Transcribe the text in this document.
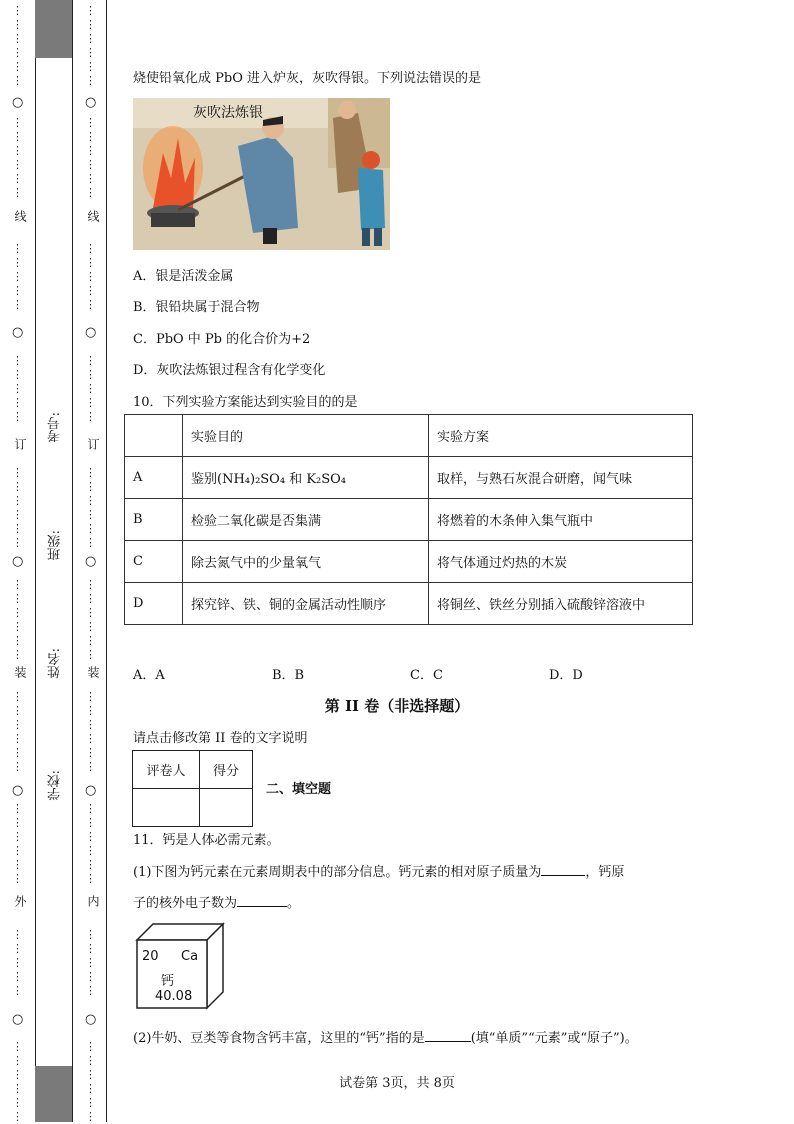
⋮
⋮
⋮
⋮
⋮
⋮
⋮
⋮
⋮
⋮
⋮
⋮
⋮
⋮
⋮
⋮
⋮
⋮
⋮
⋮
⋮
⋮
⋮
⋮
⋮
⋮
⋮
⋮
⋮
⋮
⋮
⋮
⋮
⋮
⋮
⋮
⋮
⋮
⋮
⋮
⋮
⋮
⋮
⋮
⋮
⋮
⋮
⋮
⋮
⋮
⋮
⋮
⋮
⋮
⋮
⋮
⋮
⋮
⋮
⋮
⋮
⋮
⋮
⋮
⋮
⋮
⋮
⋮
⋮
⋮
⋮
⋮
⋮
⋮
⋮
⋮
⋮
⋮
⋮
⋮
⋮
⋮
⋮
⋮
⋮
⋮
⋮
⋮
⋮
⋮
⋮
⋮
⋮
⋮
⋮
⋮
⋮
⋮
⋮
⋮
⋮
⋮
⋮
⋮
⋮
⋮
⋮
⋮
⋮
⋮
⋮
⋮
⋮
⋮
线
订
装
外
线
订
装
内
○
○
○
○
○
○
○
○
○
○
考号:
班级:
姓名:
学校:
烧使铅氧化成 PbO 进入炉灰，灰吹得银。下列说法错误的是
灰吹法炼银
A．银是活泼金属
B．银铅块属于混合物
C．PbO 中 Pb 的化合价为+2
D．灰吹法炼银过程含有化学变化
10．下列实验方案能达到实验目的的是
	实验目的	实验方案
A	鉴别(NH₄)₂SO₄ 和 K₂SO₄	取样，与熟石灰混合研磨，闻气味
B	检验二氧化碳是否集满	将燃着的木条伸入集气瓶中
C	除去氮气中的少量氧气	将气体通过灼热的木炭
D	探究锌、铁、铜的金属活动性顺序	将铜丝、铁丝分别插入硫酸锌溶液中
A．A	B．B	C．C	D．D
第 II 卷（非选择题）
请点击修改第 II 卷的文字说明
评卷人	得分

二、填空题
11．钙是人体必需元素。
(1)下图为钙元素在元素周期表中的部分信息。钙元素的相对原子质量为	，钙原
子的核外电子数为	。
20 Ca
钙
40.08
(2)牛奶、豆类等食物含钙丰富，这里的“钙”指的是	(填“单质”“元素”或“原子”)。
试卷第 3页，共 8页
